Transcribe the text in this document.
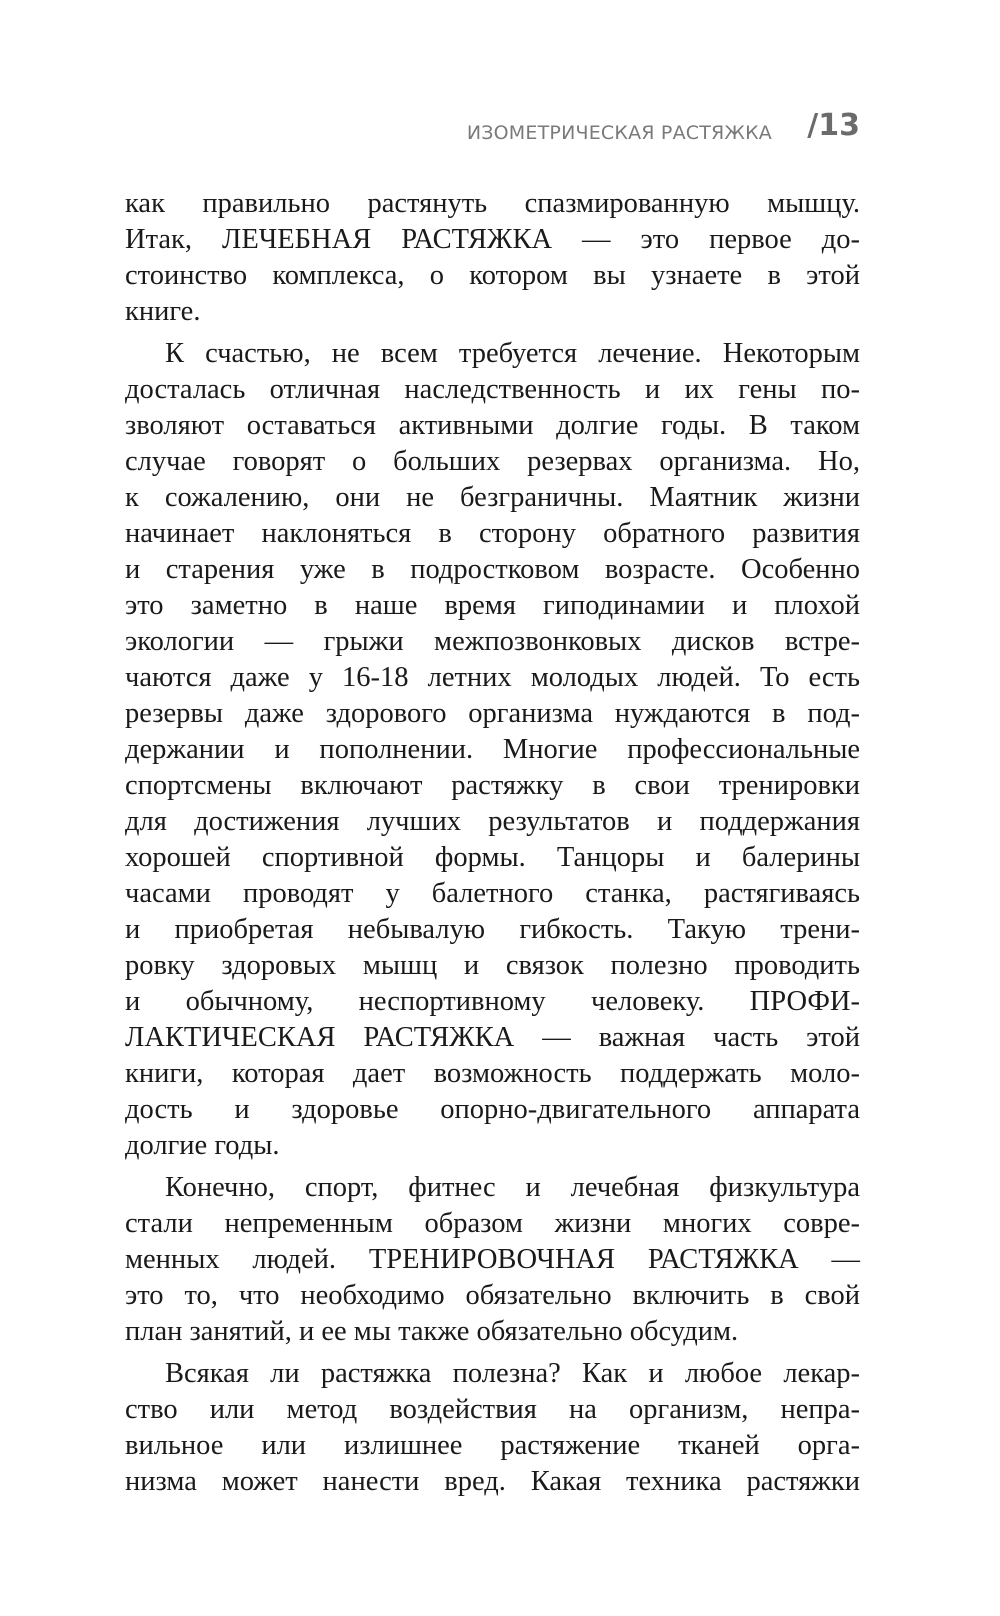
ИЗОМЕТРИЧЕСКАЯ РАСТЯЖКА /13
как правильно растянуть спазмированную мышцу.
Итак, ЛЕЧЕБНАЯ РАСТЯЖКА — это первое до-
стоинство комплекса, о котором вы узнаете в этой
книге.
К счастью, не всем требуется лечение. Некоторым
досталась отличная наследственность и их гены по-
зволяют оставаться активными долгие годы. В таком
случае говорят о больших резервах организма. Но,
к сожалению, они не безграничны. Маятник жизни
начинает наклоняться в сторону обратного развития
и старения уже в подростковом возрасте. Особенно
это заметно в наше время гиподинамии и плохой
экологии — грыжи межпозвонковых дисков встре-
чаются даже у 16-18 летних молодых людей. То есть
резервы даже здорового организма нуждаются в под-
держании и пополнении. Многие профессиональные
спортсмены включают растяжку в свои тренировки
для достижения лучших результатов и поддержания
хорошей спортивной формы. Танцоры и балерины
часами проводят у балетного станка, растягиваясь
и приобретая небывалую гибкость. Такую трени-
ровку здоровых мышц и связок полезно проводить
и обычному, неспортивному человеку. ПРОФИ-
ЛАКТИЧЕСКАЯ РАСТЯЖКА — важная часть этой
книги, которая дает возможность поддержать моло-
дость и здоровье опорно-двигательного аппарата
долгие годы.
Конечно, спорт, фитнес и лечебная физкультура
стали непременным образом жизни многих совре-
менных людей. ТРЕНИРОВОЧНАЯ РАСТЯЖКА —
это то, что необходимо обязательно включить в свой
план занятий, и ее мы также обязательно обсудим.
Всякая ли растяжка полезна? Как и любое лекар-
ство или метод воздействия на организм, непра-
вильное или излишнее растяжение тканей орга-
низма может нанести вред. Какая техника растяжки
